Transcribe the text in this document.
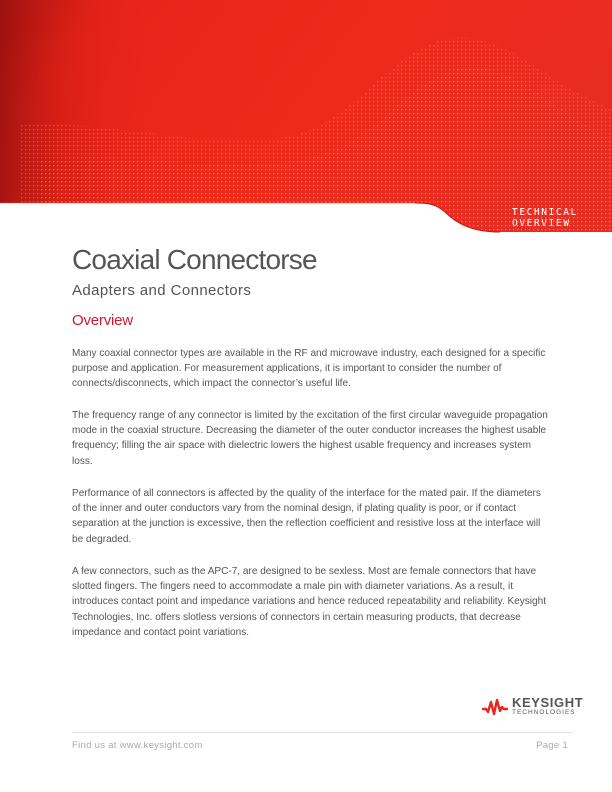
TECHNICAL
OVERVIEW
Coaxial Connectorse
Adapters and Connectors
Overview

Many coaxial connector types are available in the RF and microwave industry, each designed for a specific purpose and application. For measurement applications, it is important to consider the number of connects/disconnects, which impact the connector’s useful life.

The frequency range of any connector is limited by the excitation of the first circular waveguide propagation mode in the coaxial structure. Decreasing the diameter of the outer conductor increases the highest usable frequency; filling the air space with dielectric lowers the highest usable frequency and increases system loss.

Performance of all connectors is affected by the quality of the interface for the mated pair. If the diameters of the inner and outer conductors vary from the nominal design, if plating quality is poor, or if contact separation at the junction is excessive, then the reflection coefficient and resistive loss at the interface will be degraded.

A few connectors, such as the APC-7, are designed to be sexless. Most are female connectors that have slotted fingers. The fingers need to accommodate a male pin with diameter variations. As a result, it introduces contact point and impedance variations and hence reduced repeatability and reliability. Keysight Technologies, Inc. offers slotless versions of connectors in certain measuring products, that decrease impedance and contact point variations.

KEYSIGHT
TECHNOLOGIES
Find us at www.keysight.com	Page 1
